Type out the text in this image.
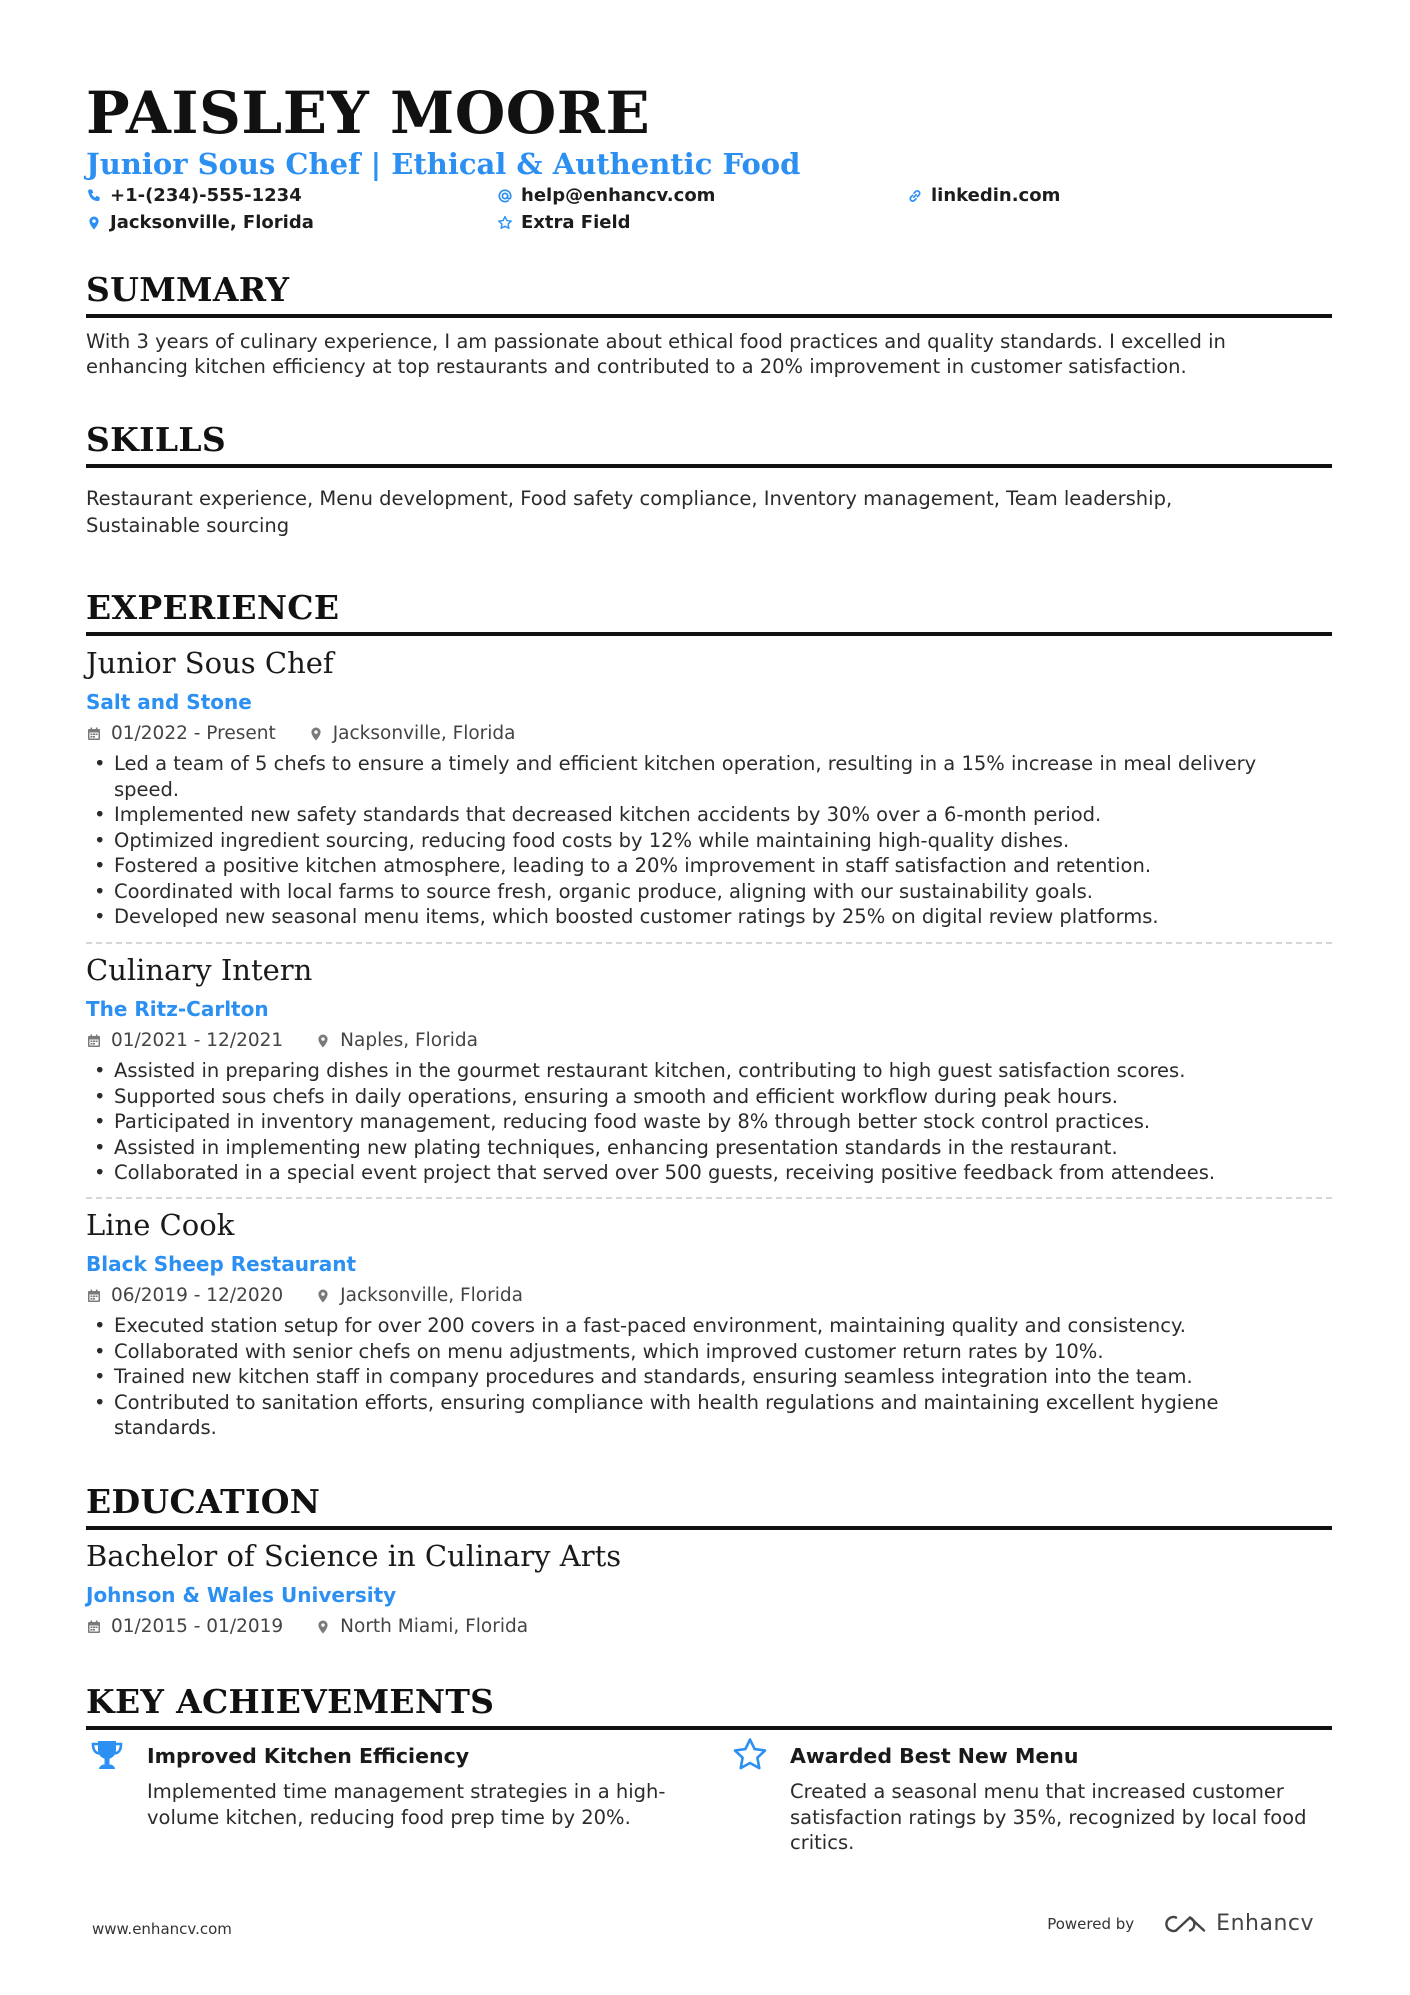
PAISLEY MOORE
Junior Sous Chef | Ethical & Authentic Food
+1-(234)-555-1234	help@enhancv.com	linkedin.com
Jacksonville, Florida	Extra Field
SUMMARY
With 3 years of culinary experience, I am passionate about ethical food practices and quality standards. I excelled in enhancing kitchen efficiency at top restaurants and contributed to a 20% improvement in customer satisfaction.
SKILLS
Restaurant experience, Menu development, Food safety compliance, Inventory management, Team leadership, Sustainable sourcing
EXPERIENCE
Junior Sous Chef
Salt and Stone
01/2022 - Present	Jacksonville, Florida
• Led a team of 5 chefs to ensure a timely and efficient kitchen operation, resulting in a 15% increase in meal delivery speed.
• Implemented new safety standards that decreased kitchen accidents by 30% over a 6-month period.
• Optimized ingredient sourcing, reducing food costs by 12% while maintaining high-quality dishes.
• Fostered a positive kitchen atmosphere, leading to a 20% improvement in staff satisfaction and retention.
• Coordinated with local farms to source fresh, organic produce, aligning with our sustainability goals.
• Developed new seasonal menu items, which boosted customer ratings by 25% on digital review platforms.
Culinary Intern
The Ritz-Carlton
01/2021 - 12/2021	Naples, Florida
• Assisted in preparing dishes in the gourmet restaurant kitchen, contributing to high guest satisfaction scores.
• Supported sous chefs in daily operations, ensuring a smooth and efficient workflow during peak hours.
• Participated in inventory management, reducing food waste by 8% through better stock control practices.
• Assisted in implementing new plating techniques, enhancing presentation standards in the restaurant.
• Collaborated in a special event project that served over 500 guests, receiving positive feedback from attendees.
Line Cook
Black Sheep Restaurant
06/2019 - 12/2020	Jacksonville, Florida
• Executed station setup for over 200 covers in a fast-paced environment, maintaining quality and consistency.
• Collaborated with senior chefs on menu adjustments, which improved customer return rates by 10%.
• Trained new kitchen staff in company procedures and standards, ensuring seamless integration into the team.
• Contributed to sanitation efforts, ensuring compliance with health regulations and maintaining excellent hygiene standards.
EDUCATION
Bachelor of Science in Culinary Arts
Johnson & Wales University
01/2015 - 01/2019	North Miami, Florida
KEY ACHIEVEMENTS
Improved Kitchen Efficiency
Implemented time management strategies in a high-volume kitchen, reducing food prep time by 20%.
Awarded Best New Menu
Created a seasonal menu that increased customer satisfaction ratings by 35%, recognized by local food critics.
www.enhancv.com	Powered by	Enhancv
